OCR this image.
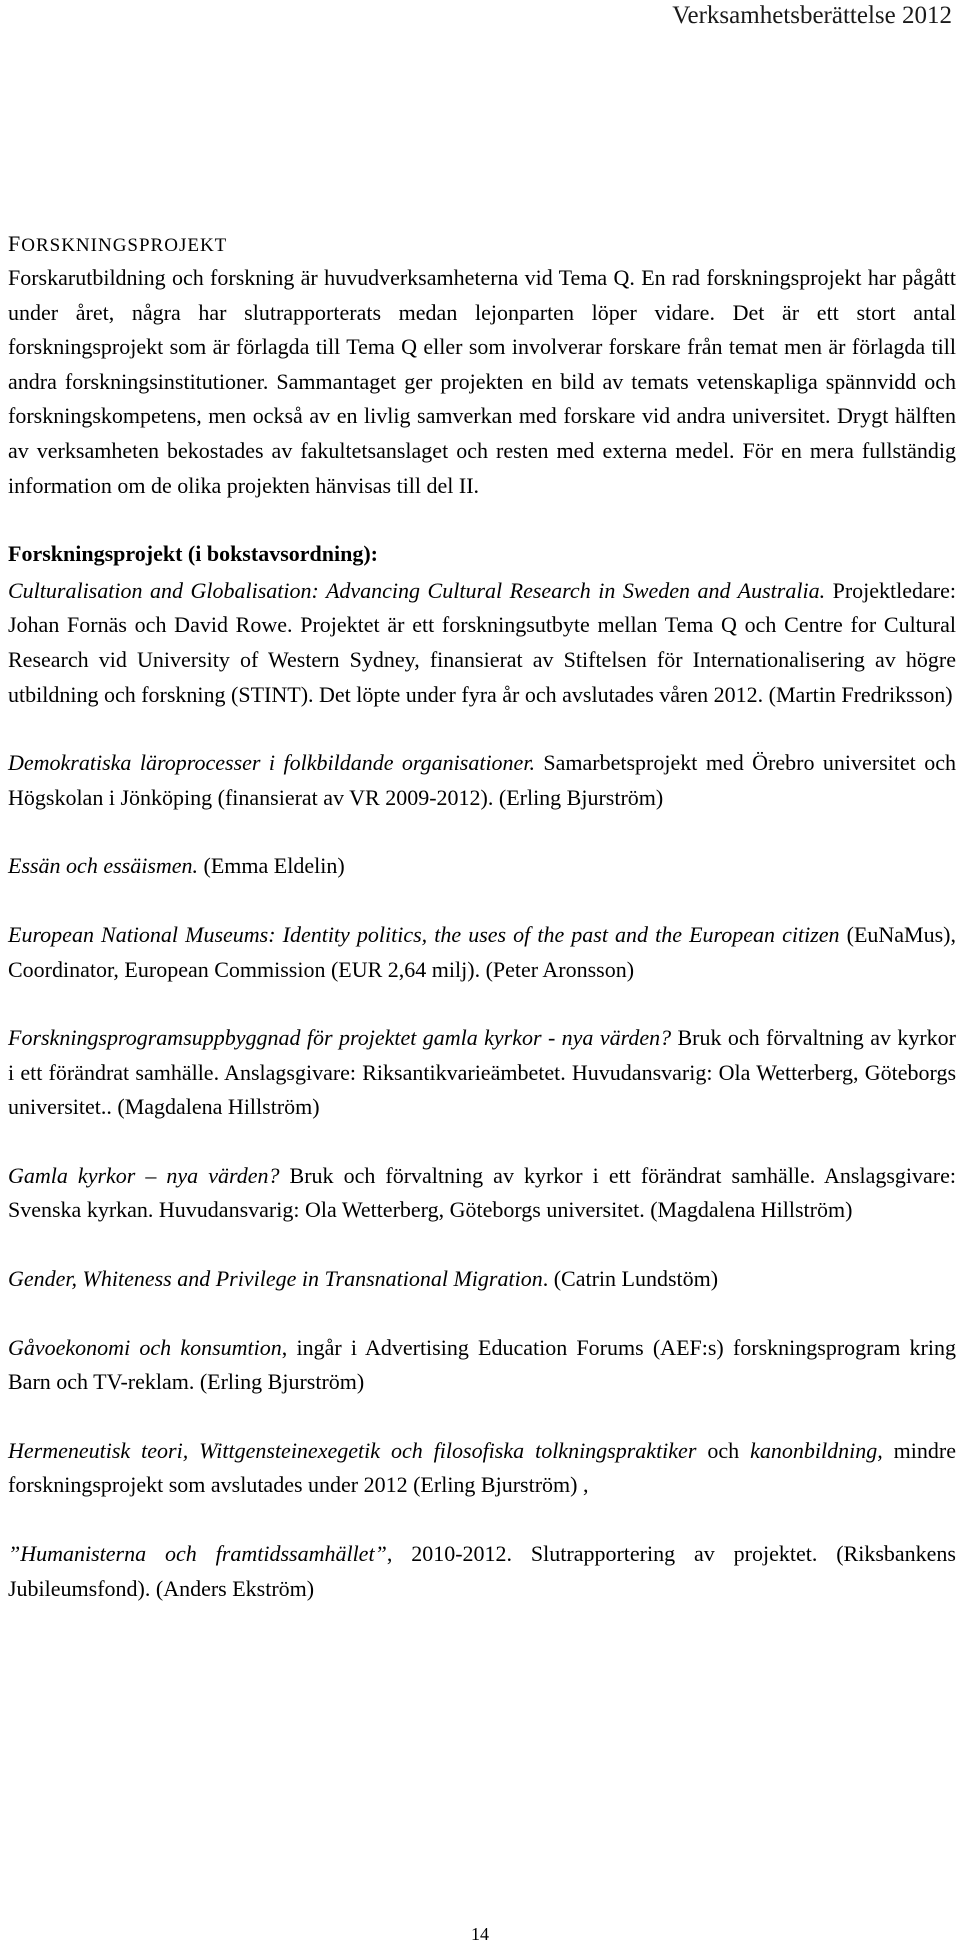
Verksamhetsberättelse 2012
FORSKNINGSPROJEKT

Forskarutbildning och forskning är huvudverksamheterna vid Tema Q. En rad forskningsprojekt har pågått under året, några har slutrapporterats medan lejonparten löper vidare. Det är ett stort antal forskningsprojekt som är förlagda till Tema Q eller som involverar forskare från temat men är förlagda till andra forskningsinstitutioner. Sammantaget ger projekten en bild av temats vetenskapliga spännvidd och forskningskompetens, men också av en livlig samverkan med forskare vid andra universitet. Drygt hälften av verksamheten bekostades av fakultetsanslaget och resten med externa medel. För en mera fullständig information om de olika projekten hänvisas till del II.

Forskningsprojekt (i bokstavsordning):

Culturalisation and Globalisation: Advancing Cultural Research in Sweden and Australia. Projektledare: Johan Fornäs och David Rowe. Projektet är ett forskningsutbyte mellan Tema Q och Centre for Cultural Research vid University of Western Sydney, finansierat av Stiftelsen för Internationalisering av högre utbildning och forskning (STINT). Det löpte under fyra år och avslutades våren 2012. (Martin Fredriksson)

Demokratiska läroprocesser i folkbildande organisationer. Samarbetsprojekt med Örebro universitet och Högskolan i Jönköping (finansierat av VR 2009-2012). (Erling Bjurström)

Essän och essäismen. (Emma Eldelin)

European National Museums: Identity politics, the uses of the past and the European citizen (EuNaMus), Coordinator, European Commission (EUR 2,64 milj). (Peter Aronsson)

Forskningsprogramsuppbyggnad för projektet gamla kyrkor - nya värden? Bruk och förvaltning av kyrkor i ett förändrat samhälle. Anslagsgivare: Riksantikvarieämbetet. Huvudansvarig: Ola Wetterberg, Göteborgs universitet.. (Magdalena Hillström)

Gamla kyrkor – nya värden? Bruk och förvaltning av kyrkor i ett förändrat samhälle. Anslagsgivare: Svenska kyrkan. Huvudansvarig: Ola Wetterberg, Göteborgs universitet. (Magdalena Hillström)

Gender, Whiteness and Privilege in Transnational Migration. (Catrin Lundstöm)

Gåvoekonomi och konsumtion, ingår i Advertising Education Forums (AEF:s) forskningsprogram kring Barn och TV-reklam. (Erling Bjurström)

Hermeneutisk teori, Wittgensteinexegetik och filosofiska tolkningspraktiker och kanonbildning, mindre forskningsprojekt som avslutades under 2012 (Erling Bjurström) ,

”Humanisterna och framtidssamhället”, 2010-2012. Slutrapportering av projektet. (Riksbankens Jubileumsfond). (Anders Ekström)

14
